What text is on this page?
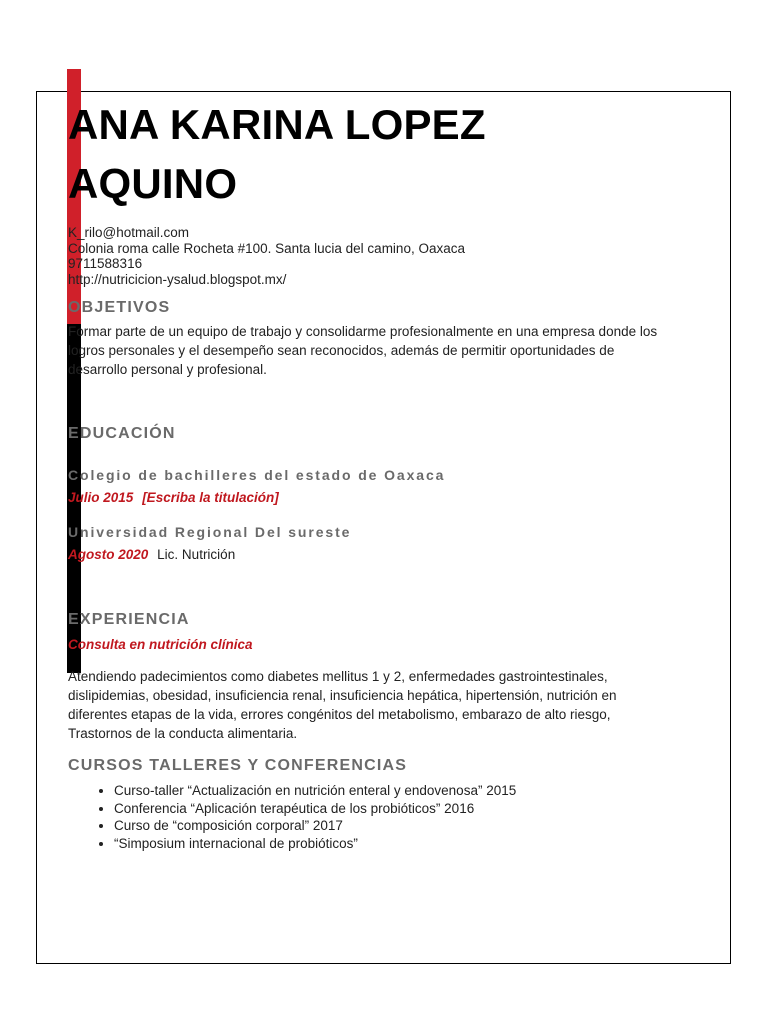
ANA KARINA LOPEZ
AQUINO
K_rilo@hotmail.com
Colonia roma calle Rocheta #100. Santa lucia del camino, Oaxaca
9711588316
http://nutricicion-ysalud.blogspot.mx/
OBJETIVOS
Formar parte de un equipo de trabajo y consolidarme profesionalmente en una empresa donde los logros personales y el desempeño sean reconocidos, además de permitir oportunidades de desarrollo personal y profesional.
EDUCACIÓN
Colegio de bachilleres del estado de Oaxaca
Julio 2015 [Escriba la titulación]
Universidad Regional Del sureste
Agosto 2020 Lic. Nutrición
EXPERIENCIA
Consulta en nutrición clínica
Atendiendo padecimientos como diabetes mellitus 1 y 2, enfermedades gastrointestinales, dislipidemias, obesidad, insuficiencia renal, insuficiencia hepática, hipertensión, nutrición en diferentes etapas de la vida, errores congénitos del metabolismo, embarazo de alto riesgo, Trastornos de la conducta alimentaria.
CURSOS TALLERES Y CONFERENCIAS
• Curso-taller “Actualización en nutrición enteral y endovenosa” 2015
• Conferencia “Aplicación terapéutica de los probióticos” 2016
• Curso de “composición corporal” 2017
• “Simposium internacional de probióticos”
